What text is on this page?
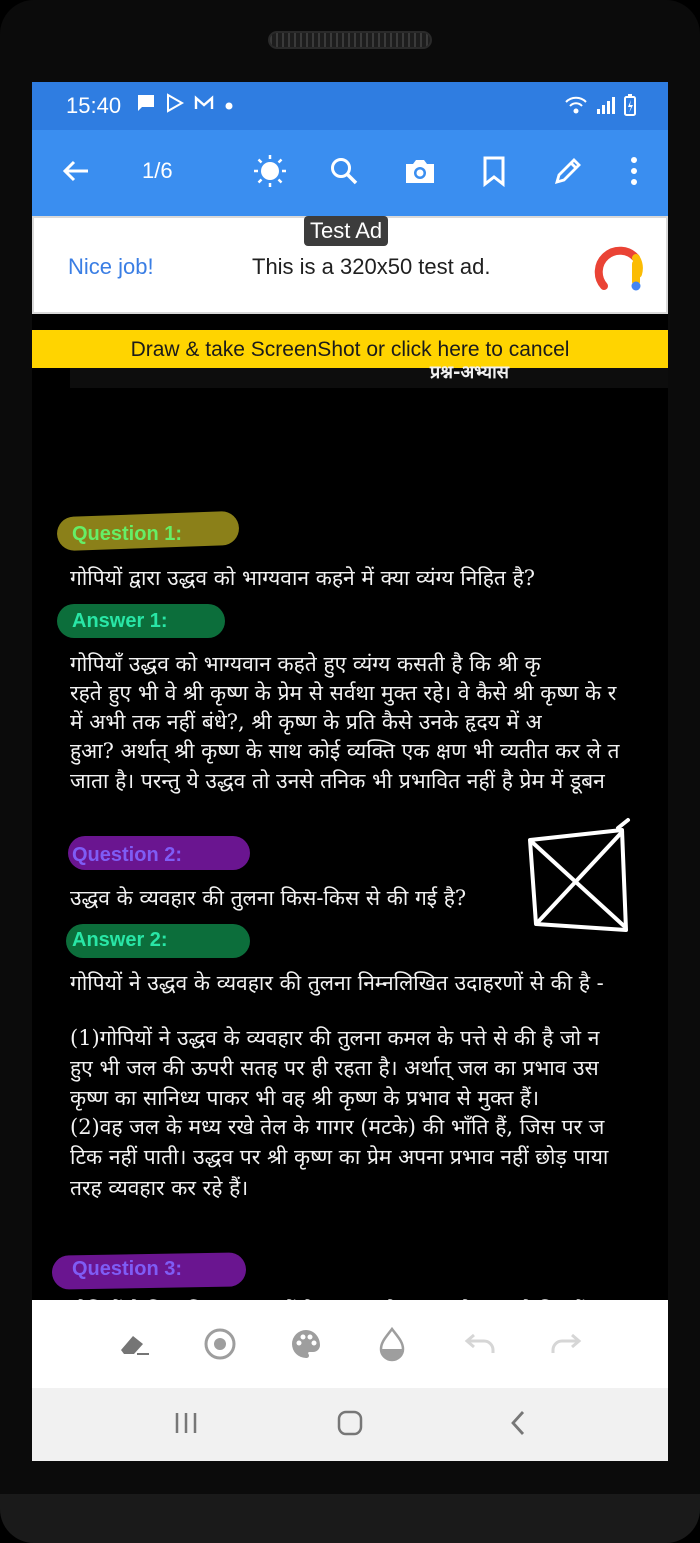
15:40
1/6
Nice job!	This is a 320x50 test ad.
Test Ad
Draw & take ScreenShot or click here to cancel
प्रश्न-अभ्यास
Question 1:
गोपियों द्वारा उद्धव को भाग्यवान कहने में क्या व्यंग्य निहित है?
Answer 1:
गोपियाँ उद्धव को भाग्यवान कहते हुए व्यंग्य कसती है कि श्री कृ
रहते हुए भी वे श्री कृष्ण के प्रेम से सर्वथा मुक्त रहे। वे कैसे श्री कृष्ण के र
में अभी तक नहीं बंधे?, श्री कृष्ण के प्रति कैसे उनके हृदय में अ
हुआ? अर्थात् श्री कृष्ण के साथ कोई व्यक्ति एक क्षण भी व्यतीत कर ले त
जाता है। परन्तु ये उद्धव तो उनसे तनिक भी प्रभावित नहीं है प्रेम में डूबन
Question 2:
उद्धव के व्यवहार की तुलना किस-किस से की गई है?
Answer 2:
गोपियों ने उद्धव के व्यवहार की तुलना निम्नलिखित उदाहरणों से की है -
(1)गोपियों ने उद्धव के व्यवहार की तुलना कमल के पत्ते से की है जो न
हुए भी जल की ऊपरी सतह पर ही रहता है। अर्थात् जल का प्रभाव उस
कृष्ण का सानिध्य पाकर भी वह श्री कृष्ण के प्रभाव से मुक्त हैं।
(2)वह जल के मध्य रखे तेल के गागर (मटके) की भाँति हैं, जिस पर ज
टिक नहीं पाती। उद्धव पर श्री कृष्ण का प्रेम अपना प्रभाव नहीं छोड़ पाया
तरह व्यवहार कर रहे हैं।
Question 3:
